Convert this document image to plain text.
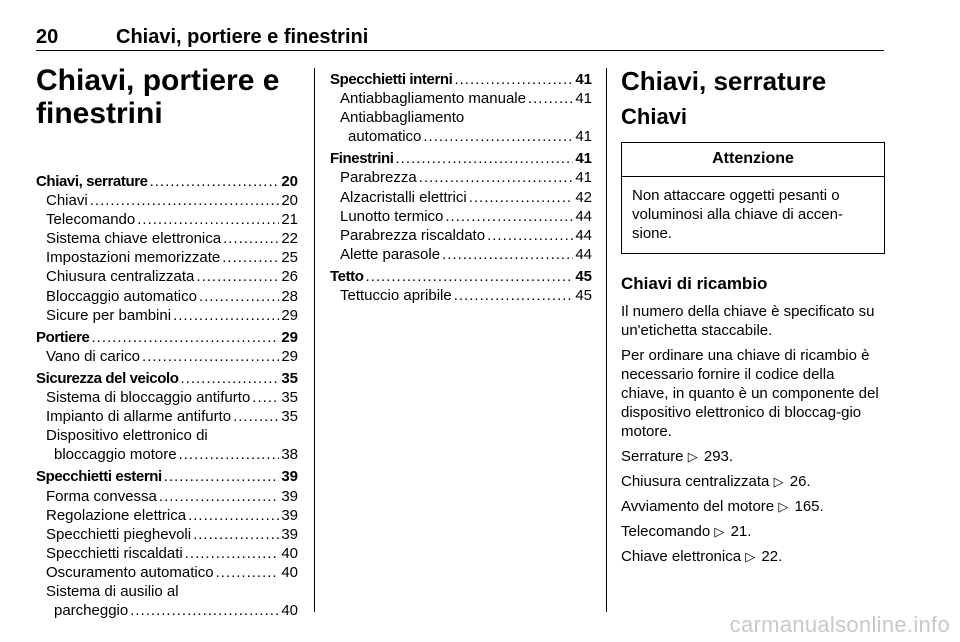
20	Chiavi, portiere e finestrini
Chiavi, portiere e finestrini
Chiavi, serrature .....	20
Chiavi .....	20
Telecomando .....	21
Sistema chiave elettronica .....	22
Impostazioni memorizzate .....	25
Chiusura centralizzata .....	26
Bloccaggio automatico .....	28
Sicure per bambini .....	29
Portiere .....	29
Vano di carico .....	29
Sicurezza del veicolo .....	35
Sistema di bloccaggio antifurto ..... 35
Impianto di allarme antifurto .....	35
Dispositivo elettronico di
bloccaggio motore .....	38
Specchietti esterni .....	39
Forma convessa .....	39
Regolazione elettrica .....	39
Specchietti pieghevoli .....	39
Specchietti riscaldati .....	40
Oscuramento automatico .....	40
Sistema di ausilio al
parcheggio .....	40
Specchietti interni .....	41
Antiabbagliamento manuale .....	41
Antiabbagliamento
automatico .....	41
Finestrini .....	41
Parabrezza .....	41
Alzacristalli elettrici .....	42
Lunotto termico .....	44
Parabrezza riscaldato .....	44
Alette parasole .....	44
Tetto .....	45
Tettuccio apribile .....	45
Chiavi, serrature
Chiavi
Attenzione
Non attaccare oggetti pesanti o voluminosi alla chiave di accen-sione.
Chiavi di ricambio

Il numero della chiave è specificato su un'etichetta staccabile.

Per ordinare una chiave di ricambio è necessario fornire il codice della chiave, in quanto è un componente del dispositivo elettronico di bloccag-gio motore.

Serrature ▷ 293.

Chiusura centralizzata ▷ 26.

Avviamento del motore ▷ 165.

Telecomando ▷ 21.

Chiave elettronica ▷ 22.

carmanualsonline.info
